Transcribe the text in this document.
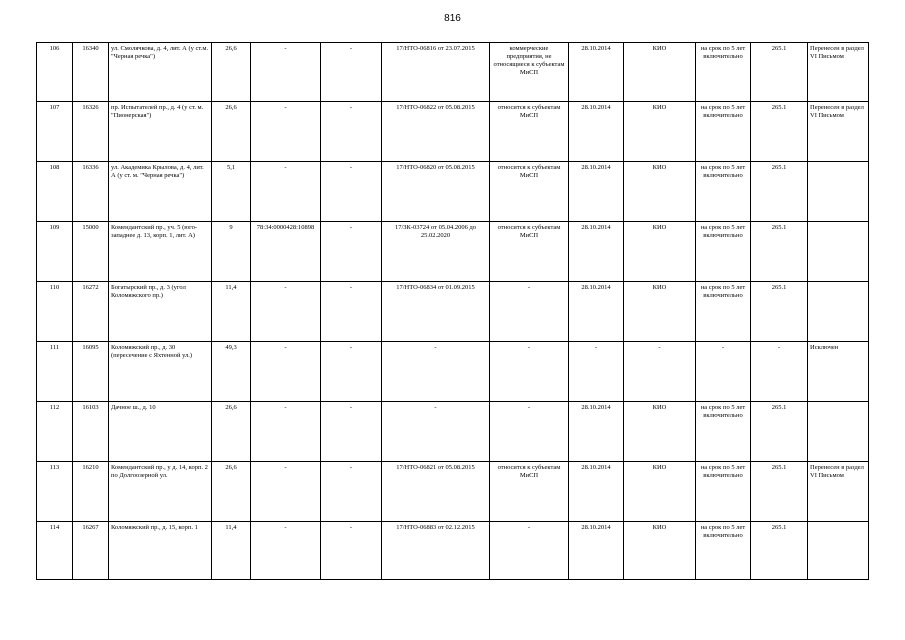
816
106	16340	ул. Смолячкова, д. 4, лит. А (у ст.м. "Черная речка")	26,6	-	-	17/НТО-06816 от 23.07.2015	коммерческие предприятия, не относящиеся к субъектам МиСП	28.10.2014	КИО	на срок по 5 лет включительно	265.1	Перенесен в раздел VI Письмом
107	16326	пр. Испытателей пр., д. 4 (у ст. м. "Пионерская")	26,6	-	-	17/НТО-06822 от 05.08.2015	относится к субъектам МиСП	28.10.2014	КИО	на срок по 5 лет включительно	265.1	Перенесен в раздел VI Письмом
108	16336	ул. Академика Крылова, д. 4, лит. А (у ст. м. "Черная речка")	5,1	-	-	17/НТО-06820 от 05.08.2015	относится к субъектам МиСП	28.10.2014	КИО	на срок по 5 лет включительно	265.1	
109	15000	Комендантский пр., уч. 5 (юго-западнее д. 13, корп. 1, лит. А)	9	78:34:0000428:10898	-	17/ЗК-03724 от 05.04.2006 до 25.02.2020	относится к субъектам МиСП	28.10.2014	КИО	на срок по 5 лет включительно	265.1	
110	16272	Богатырский пр., д. 3 (угол Коломяжского пр.)	11,4	-	-	17/НТО-06834 от 01.09.2015	-	28.10.2014	КИО	на срок по 5 лет включительно	265.1	
111	16095	Коломяжский пр., д. 30 (пересечение с Яхтенной ул.)	49,3	-	-	-	-	-	-	-	-	Исключен
112	16103	Дачное ш., д. 10	26,6	-	-	-	-	28.10.2014	КИО	на срок по 5 лет включительно	265.1	
113	16210	Комендантский пр., у д. 14, корп. 2 по Долгоозерной ул.	26,6	-	-	17/НТО-06821 от 05.08.2015	относится к субъектам МиСП	28.10.2014	КИО	на срок по 5 лет включительно	265.1	Перенесен в раздел VI Письмом
114	16267	Коломяжский пр., д. 15, корп. 1	11,4	-	-	17/НТО-06883 от 02.12.2015	-	28.10.2014	КИО	на срок по 5 лет включительно	265.1	
